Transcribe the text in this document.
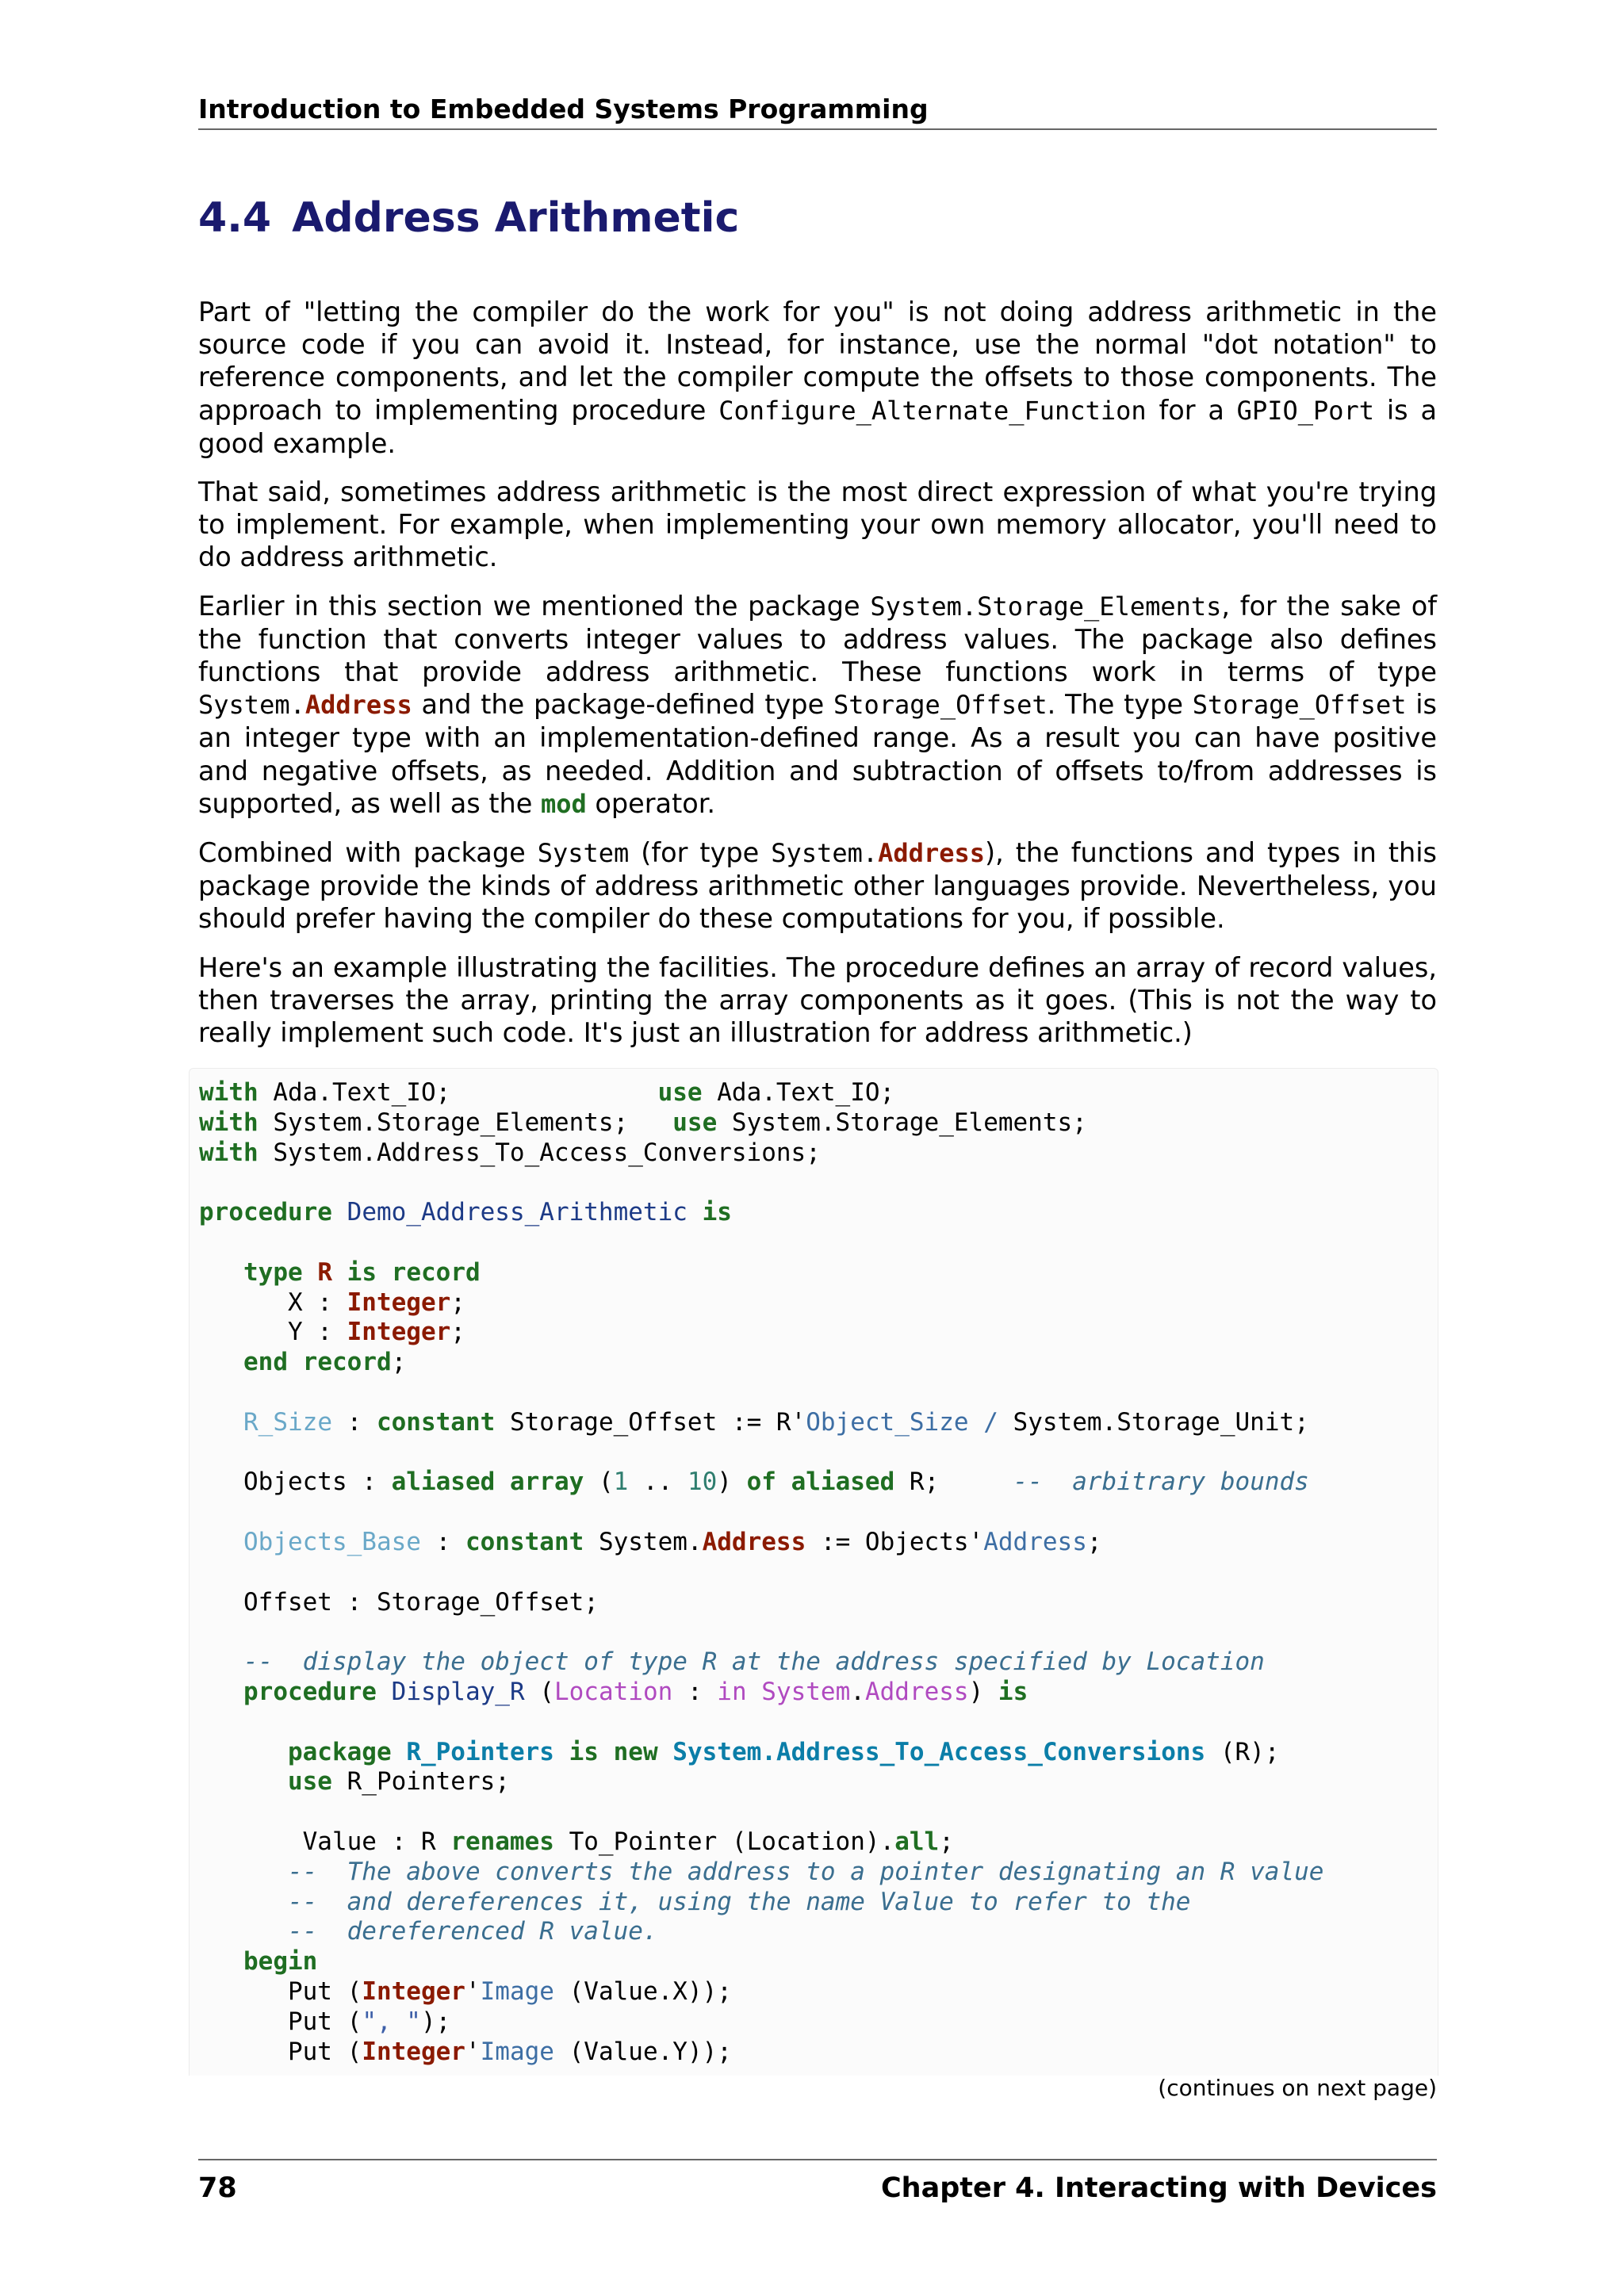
Introduction to Embedded Systems Programming
4.4 Address Arithmetic

Part of "letting the compiler do the work for you" is not doing address arithmetic in the source code if you can avoid it. Instead, for instance, use the normal "dot notation" to reference components, and let the compiler compute the offsets to those components. The approach to implementing procedure Configure_Alternate_Function for a GPIO_Port is a good example.

That said, sometimes address arithmetic is the most direct expression of what you're trying to implement. For example, when implementing your own memory allocator, you'll need to do address arithmetic.

Earlier in this section we mentioned the package System.Storage_Elements, for the sake of the function that converts integer values to address values. The package also defines functions that provide address arithmetic. These functions work in terms of type System.Address and the package-defined type Storage_Offset. The type Storage_Offset is an integer type with an implementation-defined range. As a result you can have positive and negative offsets, as needed. Addition and subtraction of offsets to/from addresses is supported, as well as the mod operator.

Combined with package System (for type System.Address), the functions and types in this package provide the kinds of address arithmetic other languages provide. Nevertheless, you should prefer having the compiler do these computations for you, if possible.

Here's an example illustrating the facilities. The procedure defines an array of record values, then traverses the array, printing the array components as it goes. (This is not the way to really implement such code. It's just an illustration for address arithmetic.)

with Ada.Text_IO;              use Ada.Text_IO;
with System.Storage_Elements;   use System.Storage_Elements;
with System.Address_To_Access_Conversions;

procedure Demo_Address_Arithmetic is

type R is record
X : Integer;
Y : Integer;
end record;

R_Size : constant Storage_Offset := R'Object_Size / System.Storage_Unit;

Objects : aliased array (1 .. 10) of aliased R;     --  arbitrary bounds

Objects_Base : constant System.Address := Objects'Address;

Offset : Storage_Offset;

--  display the object of type R at the address specified by Location
procedure Display_R (Location : in System.Address) is

package R_Pointers is new System.Address_To_Access_Conversions (R);
use R_Pointers;

Value : R renames To_Pointer (Location).all;
--  The above converts the address to a pointer designating an R value
--  and dereferences it, using the name Value to refer to the
--  dereferenced R value.
begin
Put (Integer'Image (Value.X));
Put (", ");
Put (Integer'Image (Value.Y));
(continues on next page)
78	Chapter 4. Interacting with Devices
